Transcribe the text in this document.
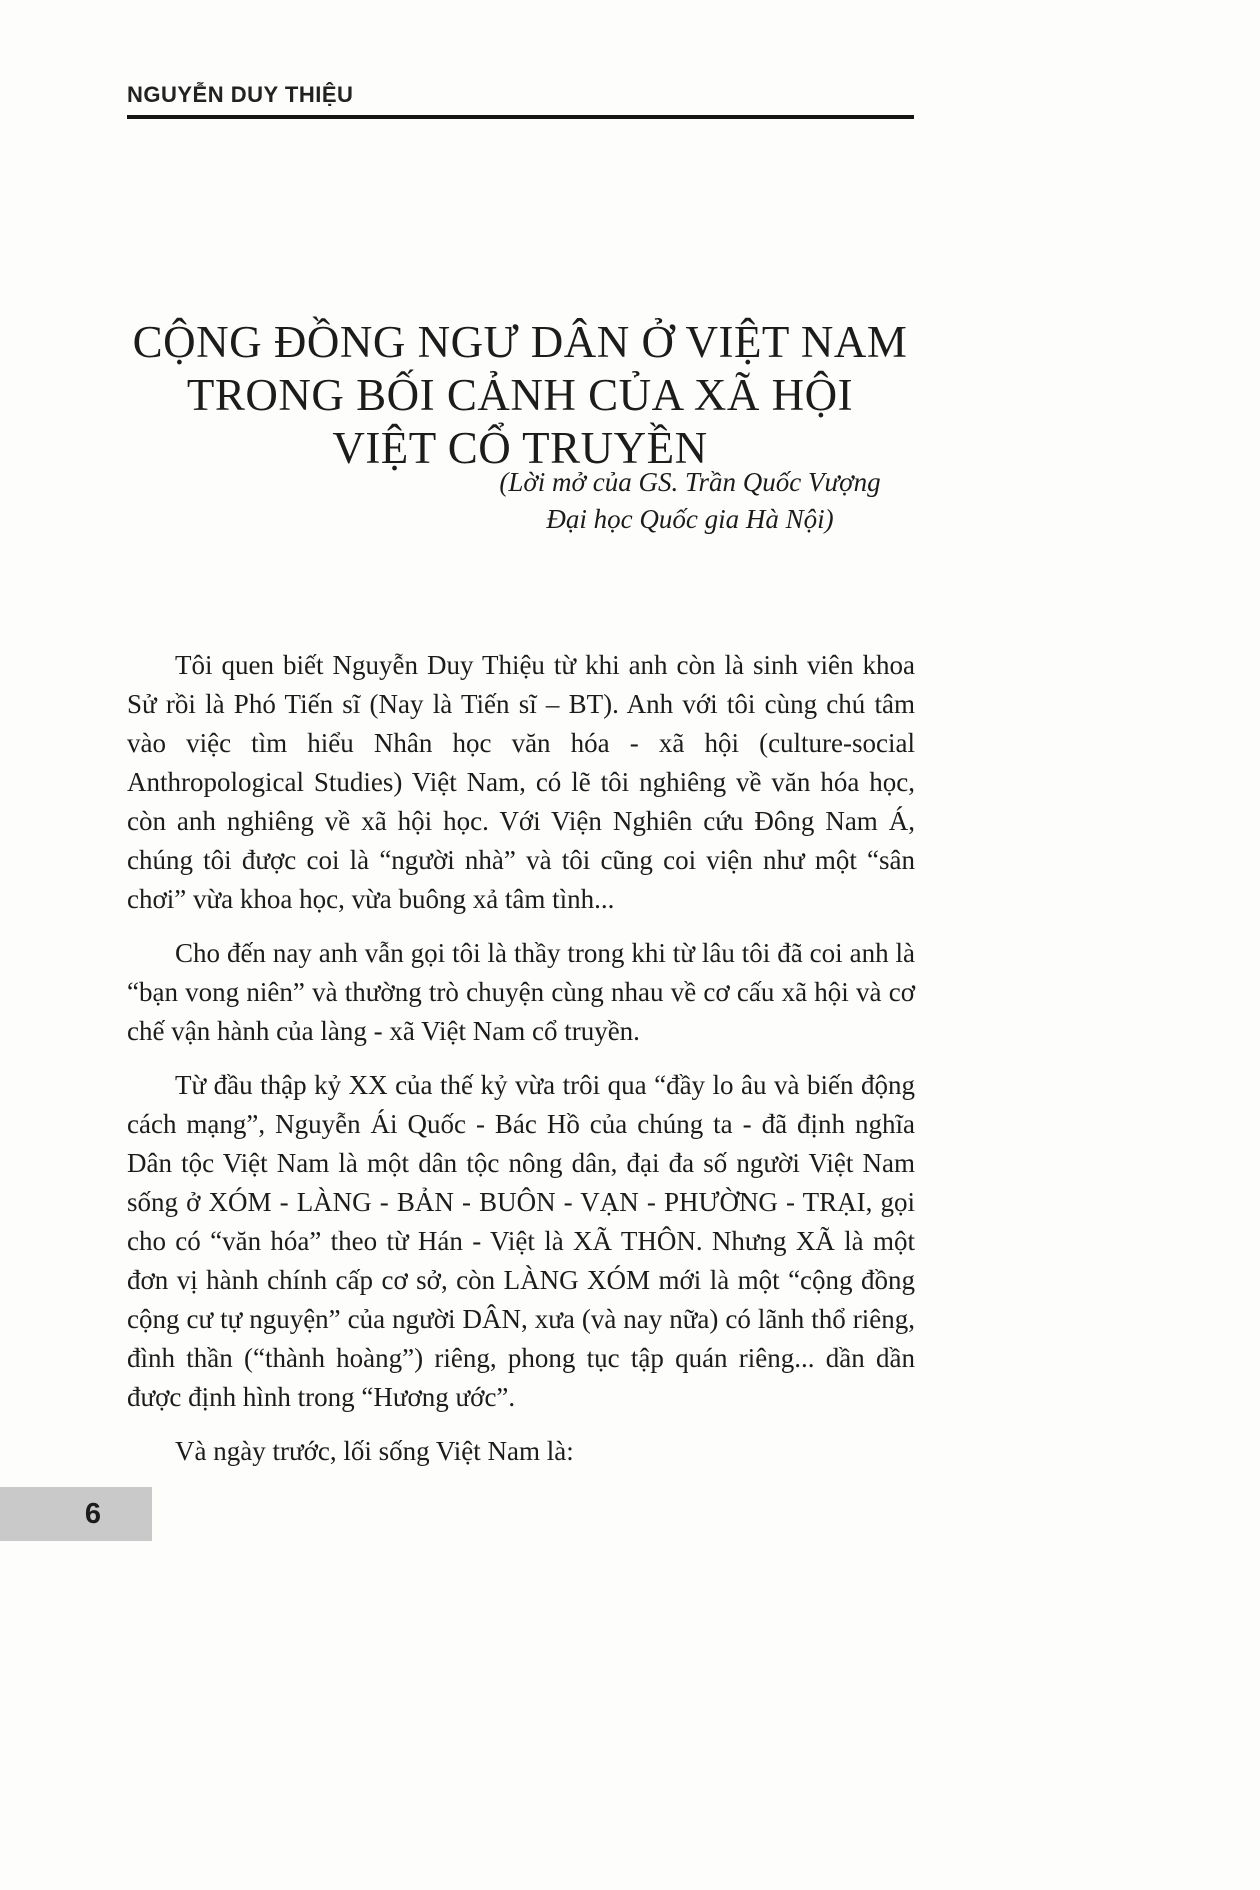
NGUYỄN DUY THIỆU
CỘNG ĐỒNG NGƯ DÂN Ở VIỆT NAM
TRONG BỐI CẢNH CỦA XÃ HỘI
VIỆT CỔ TRUYỀN
(Lời mở của GS. Trần Quốc Vượng
Đại học Quốc gia Hà Nội)

Tôi quen biết Nguyễn Duy Thiệu từ khi anh còn là sinh viên khoa Sử rồi là Phó Tiến sĩ (Nay là Tiến sĩ – BT). Anh với tôi cùng chú tâm vào việc tìm hiểu Nhân học văn hóa - xã hội (culture-social Anthropological Studies) Việt Nam, có lẽ tôi nghiêng về văn hóa học, còn anh nghiêng về xã hội học. Với Viện Nghiên cứu Đông Nam Á, chúng tôi được coi là “người nhà” và tôi cũng coi viện như một “sân chơi” vừa khoa học, vừa buông xả tâm tình...

Cho đến nay anh vẫn gọi tôi là thầy trong khi từ lâu tôi đã coi anh là “bạn vong niên” và thường trò chuyện cùng nhau về cơ cấu xã hội và cơ chế vận hành của làng - xã Việt Nam cổ truyền.

Từ đầu thập kỷ XX của thế kỷ vừa trôi qua “đầy lo âu và biến động cách mạng”, Nguyễn Ái Quốc - Bác Hồ của chúng ta - đã định nghĩa Dân tộc Việt Nam là một dân tộc nông dân, đại đa số người Việt Nam sống ở XÓM - LÀNG - BẢN - BUÔN - VẠN - PHƯỜNG - TRẠI, gọi cho có “văn hóa” theo từ Hán - Việt là XÃ THÔN. Nhưng XÃ là một đơn vị hành chính cấp cơ sở, còn LÀNG XÓM mới là một “cộng đồng cộng cư tự nguyện” của người DÂN, xưa (và nay nữa) có lãnh thổ riêng, đình thần (“thành hoàng”) riêng, phong tục tập quán riêng... dần dần được định hình trong “Hương ước”.

Và ngày trước, lối sống Việt Nam là:

6
